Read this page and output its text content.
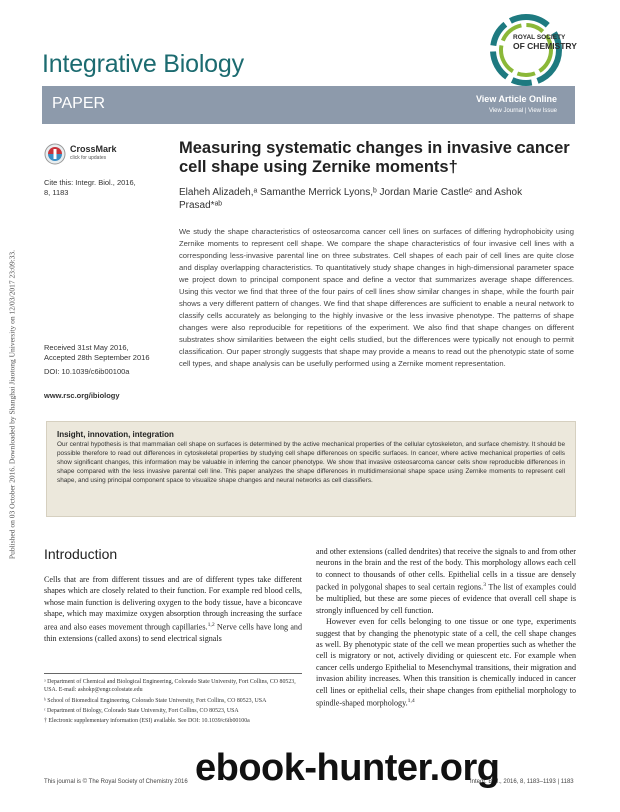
Published on 03 October 2016. Downloaded by Shanghai Jiaotong University on 12/03/2017 23:09:33.
Integrative Biology
ROYAL SOCIETY
OF CHEMISTRY
PAPER	View Article Online
View Journal | View Issue
CrossMark
click for updates
Cite this: Integr. Biol., 2016,
8, 1183
Received 31st May 2016,
Accepted 28th September 2016
DOI: 10.1039/c6ib00100a
www.rsc.org/ibiology
Measuring systematic changes in invasive cancer cell shape using Zernike moments†
Elaheh Alizadeh,ᵃ Samanthe Merrick Lyons,ᵇ Jordan Marie Castleᶜ and Ashok Prasad*ᵃᵇ
We study the shape characteristics of osteosarcoma cancer cell lines on surfaces of differing hydrophobicity using Zernike moments to represent cell shape. We compare the shape characteristics of four invasive cell lines with a corresponding less-invasive parental line on three substrates. Cell shapes of each pair of cell lines are quite close and display overlapping characteristics. To quantitatively study shape changes in high-dimensional parameter space we project down to principal component space and define a vector that summarizes average shape differences. Using this vector we find that three of the four pairs of cell lines show similar changes in shape, while the fourth pair shows a very different pattern of changes. We find that shape differences are sufficient to enable a neural network to classify cells accurately as belonging to the highly invasive or the less invasive phenotype. The patterns of shape changes were also reproducible for repetitions of the experiment. We also find that shape changes on different substrates show similarities between the eight cells studied, but the differences were typically not enough to permit classification. Our paper strongly suggests that shape may provide a means to read out the phenotypic state of some cell types, and shape analysis can be usefully performed using a Zernike moment representation.
Insight, innovation, integration
Our central hypothesis is that mammalian cell shape on surfaces is determined by the active mechanical properties of the cellular cytoskeleton, and surface chemistry. It should be possible therefore to read out differences in cytoskeletal properties by studying cell shape differences on specific surfaces. In cancer, where active mechanical properties of cells show significant changes, this information may be valuable in inferring the cancer phenotype. We show that invasive osteosarcoma cancer cells show reproducible differences in shape compared with the less invasive parental cell line. This paper analyzes the shape differences in multidimensional shape space using Zernike moments to represent cell shape, and using principal component space to visualize shape changes and neural networks as cell classifiers.
Introduction
Cells that are from different tissues and are of different types take different shapes which are closely related to their function. For example red blood cells, whose main function is delivering oxygen to the body tissue, have a biconcave shape, which may maximize oxygen absorption through increasing the surface area and also eases movement through capillaries.$^{1,2}$ Nerve cells have long and thin extensions (called axons) to send electrical signals

ᵃ Department of Chemical and Biological Engineering, Colorado State University, Fort Collins, CO 80523, USA. E-mail: ashokp@engr.colostate.edu

ᵇ School of Biomedical Engineering, Colorado State University, Fort Collins, CO 80523, USA

ᶜ Department of Biology, Colorado State University, Fort Collins, CO 80523, USA

† Electronic supplementary information (ESI) available. See DOI: 10.1039/c6ib00100a

and other extensions (called dendrites) that receive the signals to and from other neurons in the brain and the rest of the body. This morphology allows each cell to connect to thousands of other cells. Epithelial cells in a tissue are densely packed in polygonal shapes to seal certain regions.$^3$ The list of examples could be multiplied, but these are some pieces of evidence that overall cell shape is strongly influenced by cell function.
However even for cells belonging to one tissue or one type, experiments suggest that by changing the phenotypic state of a cell, the cell shape changes as well. By phenotypic state of the cell we mean properties such as whether the cell is migratory or not, actively dividing or quiescent etc. For example when cancer cells undergo Epithelial to Mesenchymal transitions, their migration and invasion ability increases. When this transition is chemically induced in cancer cell lines or epithelial cells, their shape changes from epithelial morphology to spindle-shaped morphology.$^{1,4}$
This journal is © The Royal Society of Chemistry 2016	Integr. Biol., 2016, 8, 1183–1193 | 1183
ebook-hunter.org
